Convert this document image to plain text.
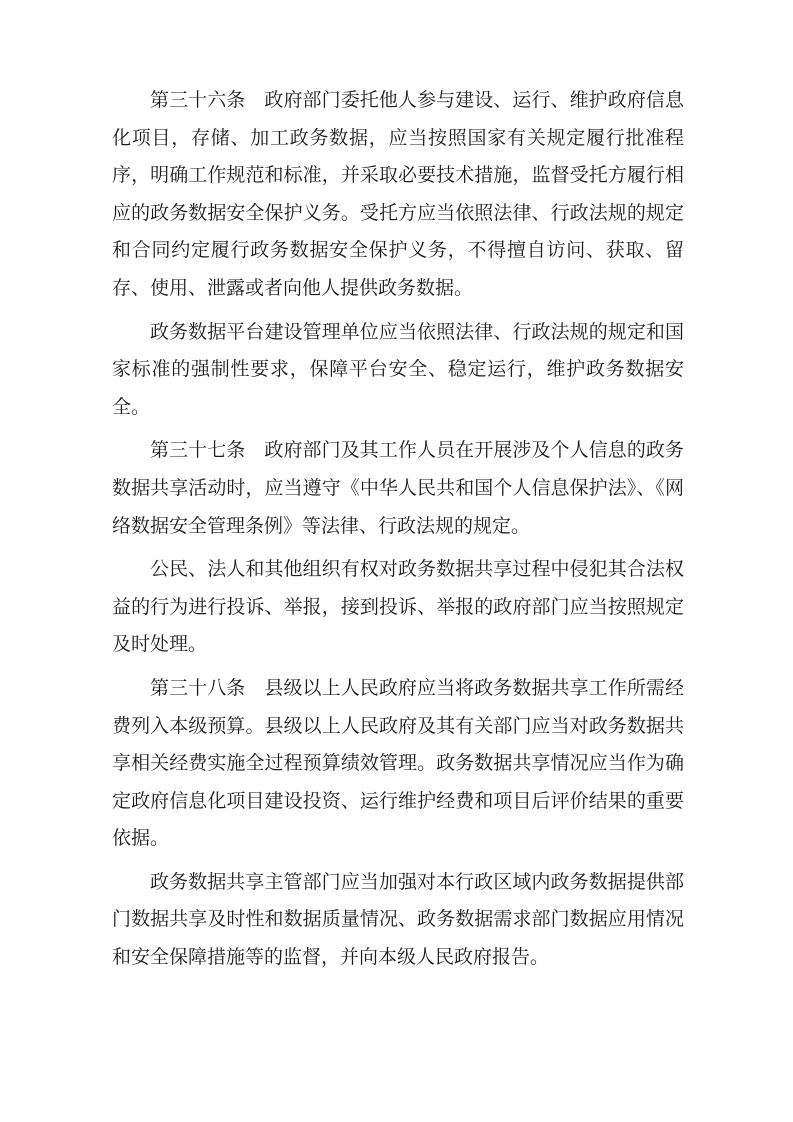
第三十六条 政府部门委托他人参与建设、运行、维护政府信息化项目，存储、加工政务数据，应当按照国家有关规定履行批准程序，明确工作规范和标准，并采取必要技术措施，监督受托方履行相应的政务数据安全保护义务。受托方应当依照法律、行政法规的规定和合同约定履行政务数据安全保护义务，不得擅自访问、获取、留存、使用、泄露或者向他人提供政务数据。

政务数据平台建设管理单位应当依照法律、行政法规的规定和国家标准的强制性要求，保障平台安全、稳定运行，维护政务数据安全。

第三十七条 政府部门及其工作人员在开展涉及个人信息的政务数据共享活动时，应当遵守《中华人民共和国个人信息保护法》、《网络数据安全管理条例》等法律、行政法规的规定。

公民、法人和其他组织有权对政务数据共享过程中侵犯其合法权益的行为进行投诉、举报，接到投诉、举报的政府部门应当按照规定及时处理。

第三十八条 县级以上人民政府应当将政务数据共享工作所需经费列入本级预算。县级以上人民政府及其有关部门应当对政务数据共享相关经费实施全过程预算绩效管理。政务数据共享情况应当作为确定政府信息化项目建设投资、运行维护经费和项目后评价结果的重要依据。

政务数据共享主管部门应当加强对本行政区域内政务数据提供部门数据共享及时性和数据质量情况、政务数据需求部门数据应用情况和安全保障措施等的监督，并向本级人民政府报告。
